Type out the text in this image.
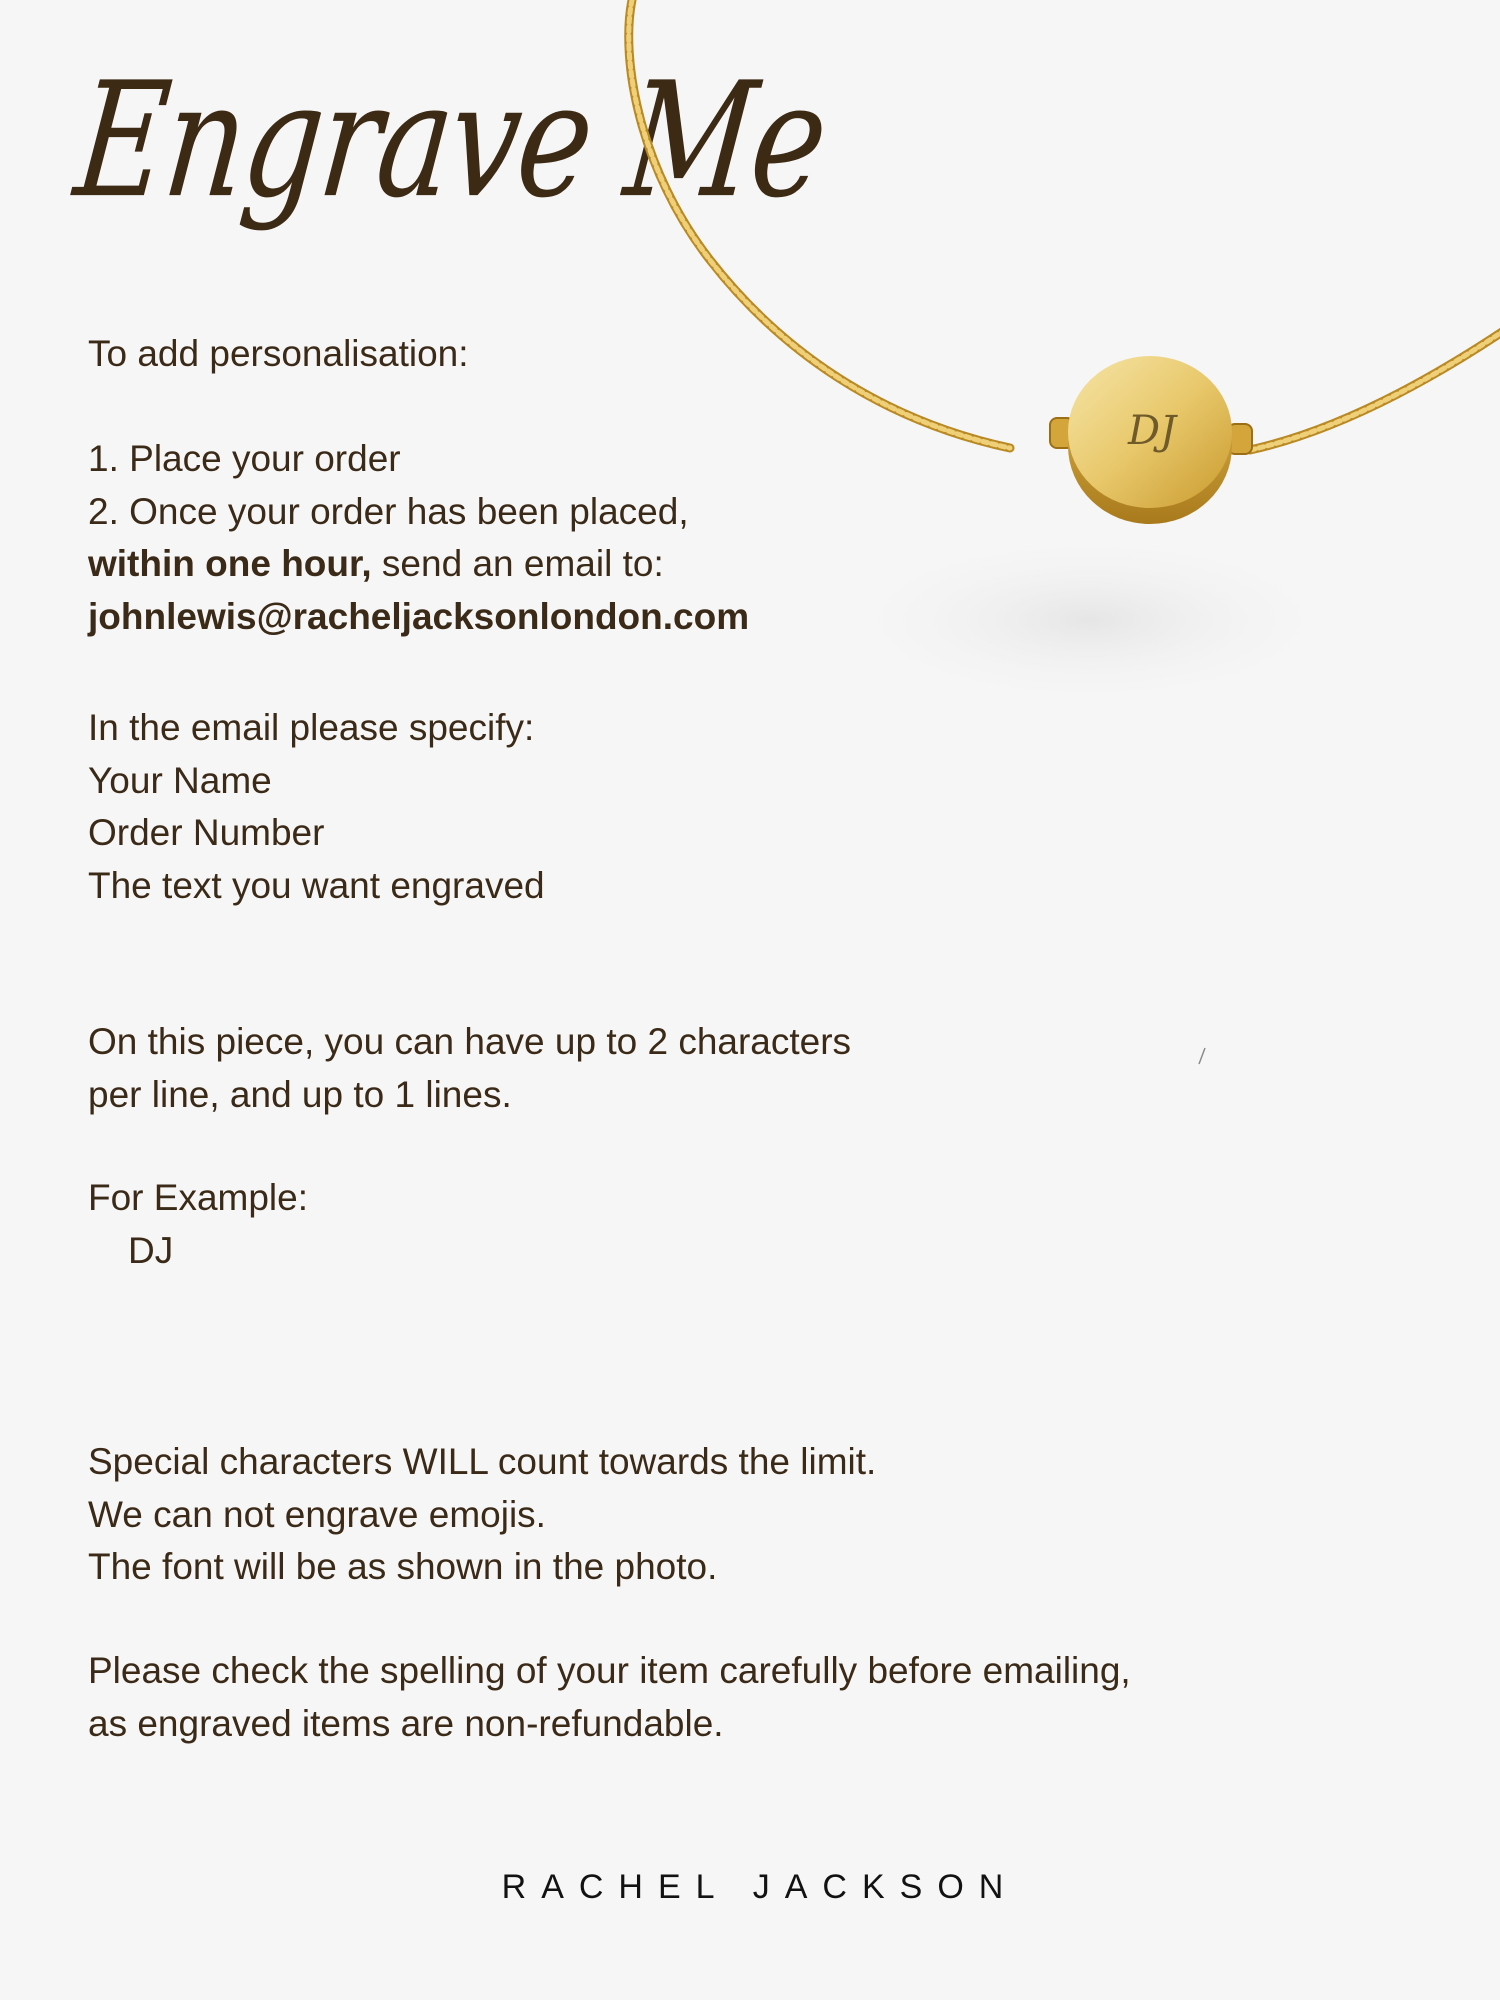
Engrave Me
DJ

To add personalisation:

1. Place your order

2. Once your order has been placed,

within one hour, send an email to:

johnlewis@racheljacksonlondon.com

In the email please specify:

Your Name

Order Number

The text you want engraved

On this piece, you can have up to 2 characters

per line, and up to 1 lines.

For Example:

DJ

Special characters WILL count towards the limit.

We can not engrave emojis.

The font will be as shown in the photo.

Please check the spelling of your item carefully before emailing,

as engraved items are non-refundable.

RACHEL JACKSON
